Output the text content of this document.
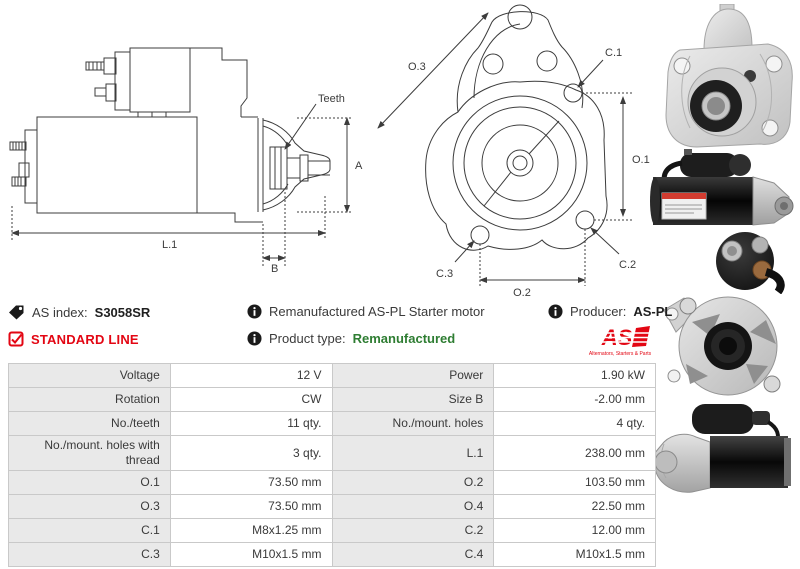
Teeth
A
L.1
B
O.3
C.1
O.1
C.2
C.3
O.2
AS index: S3058SR
STANDARD LINE
Remanufactured AS-PL Starter motor
Product type: Remanufactured
Producer: AS-PL
Alternators, Starters & Parts
Voltage	12 V	Power	1.90 kW
Rotation	CW	Size B	-2.00 mm
No./teeth	11 qty.	No./mount. holes	4 qty.
No./mount. holes with thread	3 qty.	L.1	238.00 mm
O.1	73.50 mm	O.2	103.50 mm
O.3	73.50 mm	O.4	22.50 mm
C.1	M8x1.25 mm	C.2	12.00 mm
C.3	M10x1.5 mm	C.4	M10x1.5 mm
